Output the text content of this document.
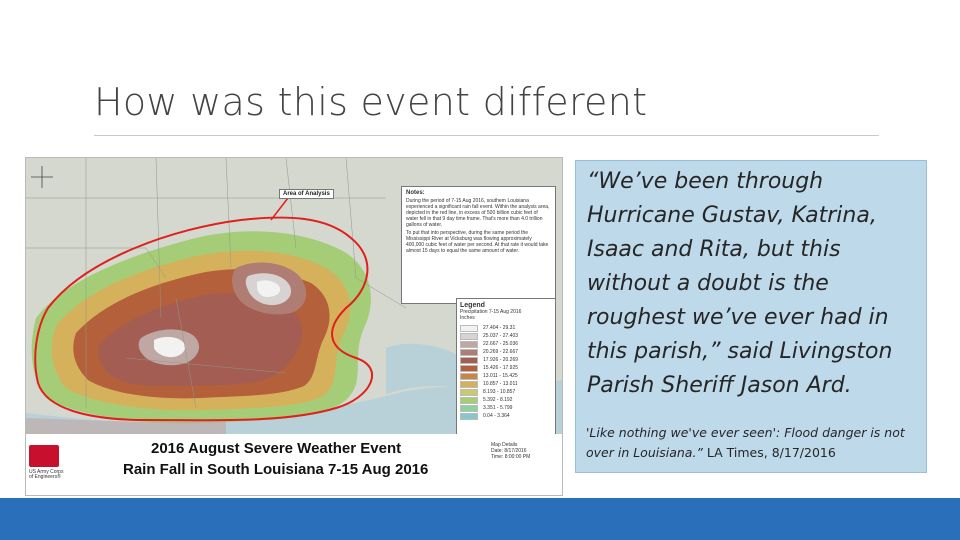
How was this event different
Area of Analysis	Notes:

During the period of 7-15 Aug 2016, southern Louisiana experienced a significant rain fall event. Within the analysis area, depicted in the red line, in excess of 500 billion cubic feet of water fell in that 9 day time frame. That's more than 4.0 trillion gallons of water.

To put that into perspective, during the same period the Mississippi River at Vicksburg was flowing approximately 400,000 cubic feet of water per second. At that rate it would take almost 15 days to equal the same amount of water.

Legend
Precipitation 7-15 Aug 2016
Inches
27.404 - 29.31
25.037 - 27.403
22.667 - 25.036
20.269 - 22.667
17.926 - 20.269
15.426 - 17.925
13.011 - 15.425
10.857 - 13.011
8.193 - 10.857
5.392 - 8.192
3.351 - 5.799
0.04 - 3.364
US Army Corps
of Engineers®
2016 August Severe Weather Event
Rain Fall in South Louisiana 7-15 Aug 2016
Map Details
Date: 8/17/2016
Time: 8:00:00 PM
“We’ve been through Hurricane Gustav, Katrina, Isaac and Rita, but this without a doubt is the roughest we’ve ever had in this parish,” said Livingston Parish Sheriff Jason Ard.
'Like nothing we've ever seen': Flood danger is not over in Louisiana.” LA Times, 8/17/2016
